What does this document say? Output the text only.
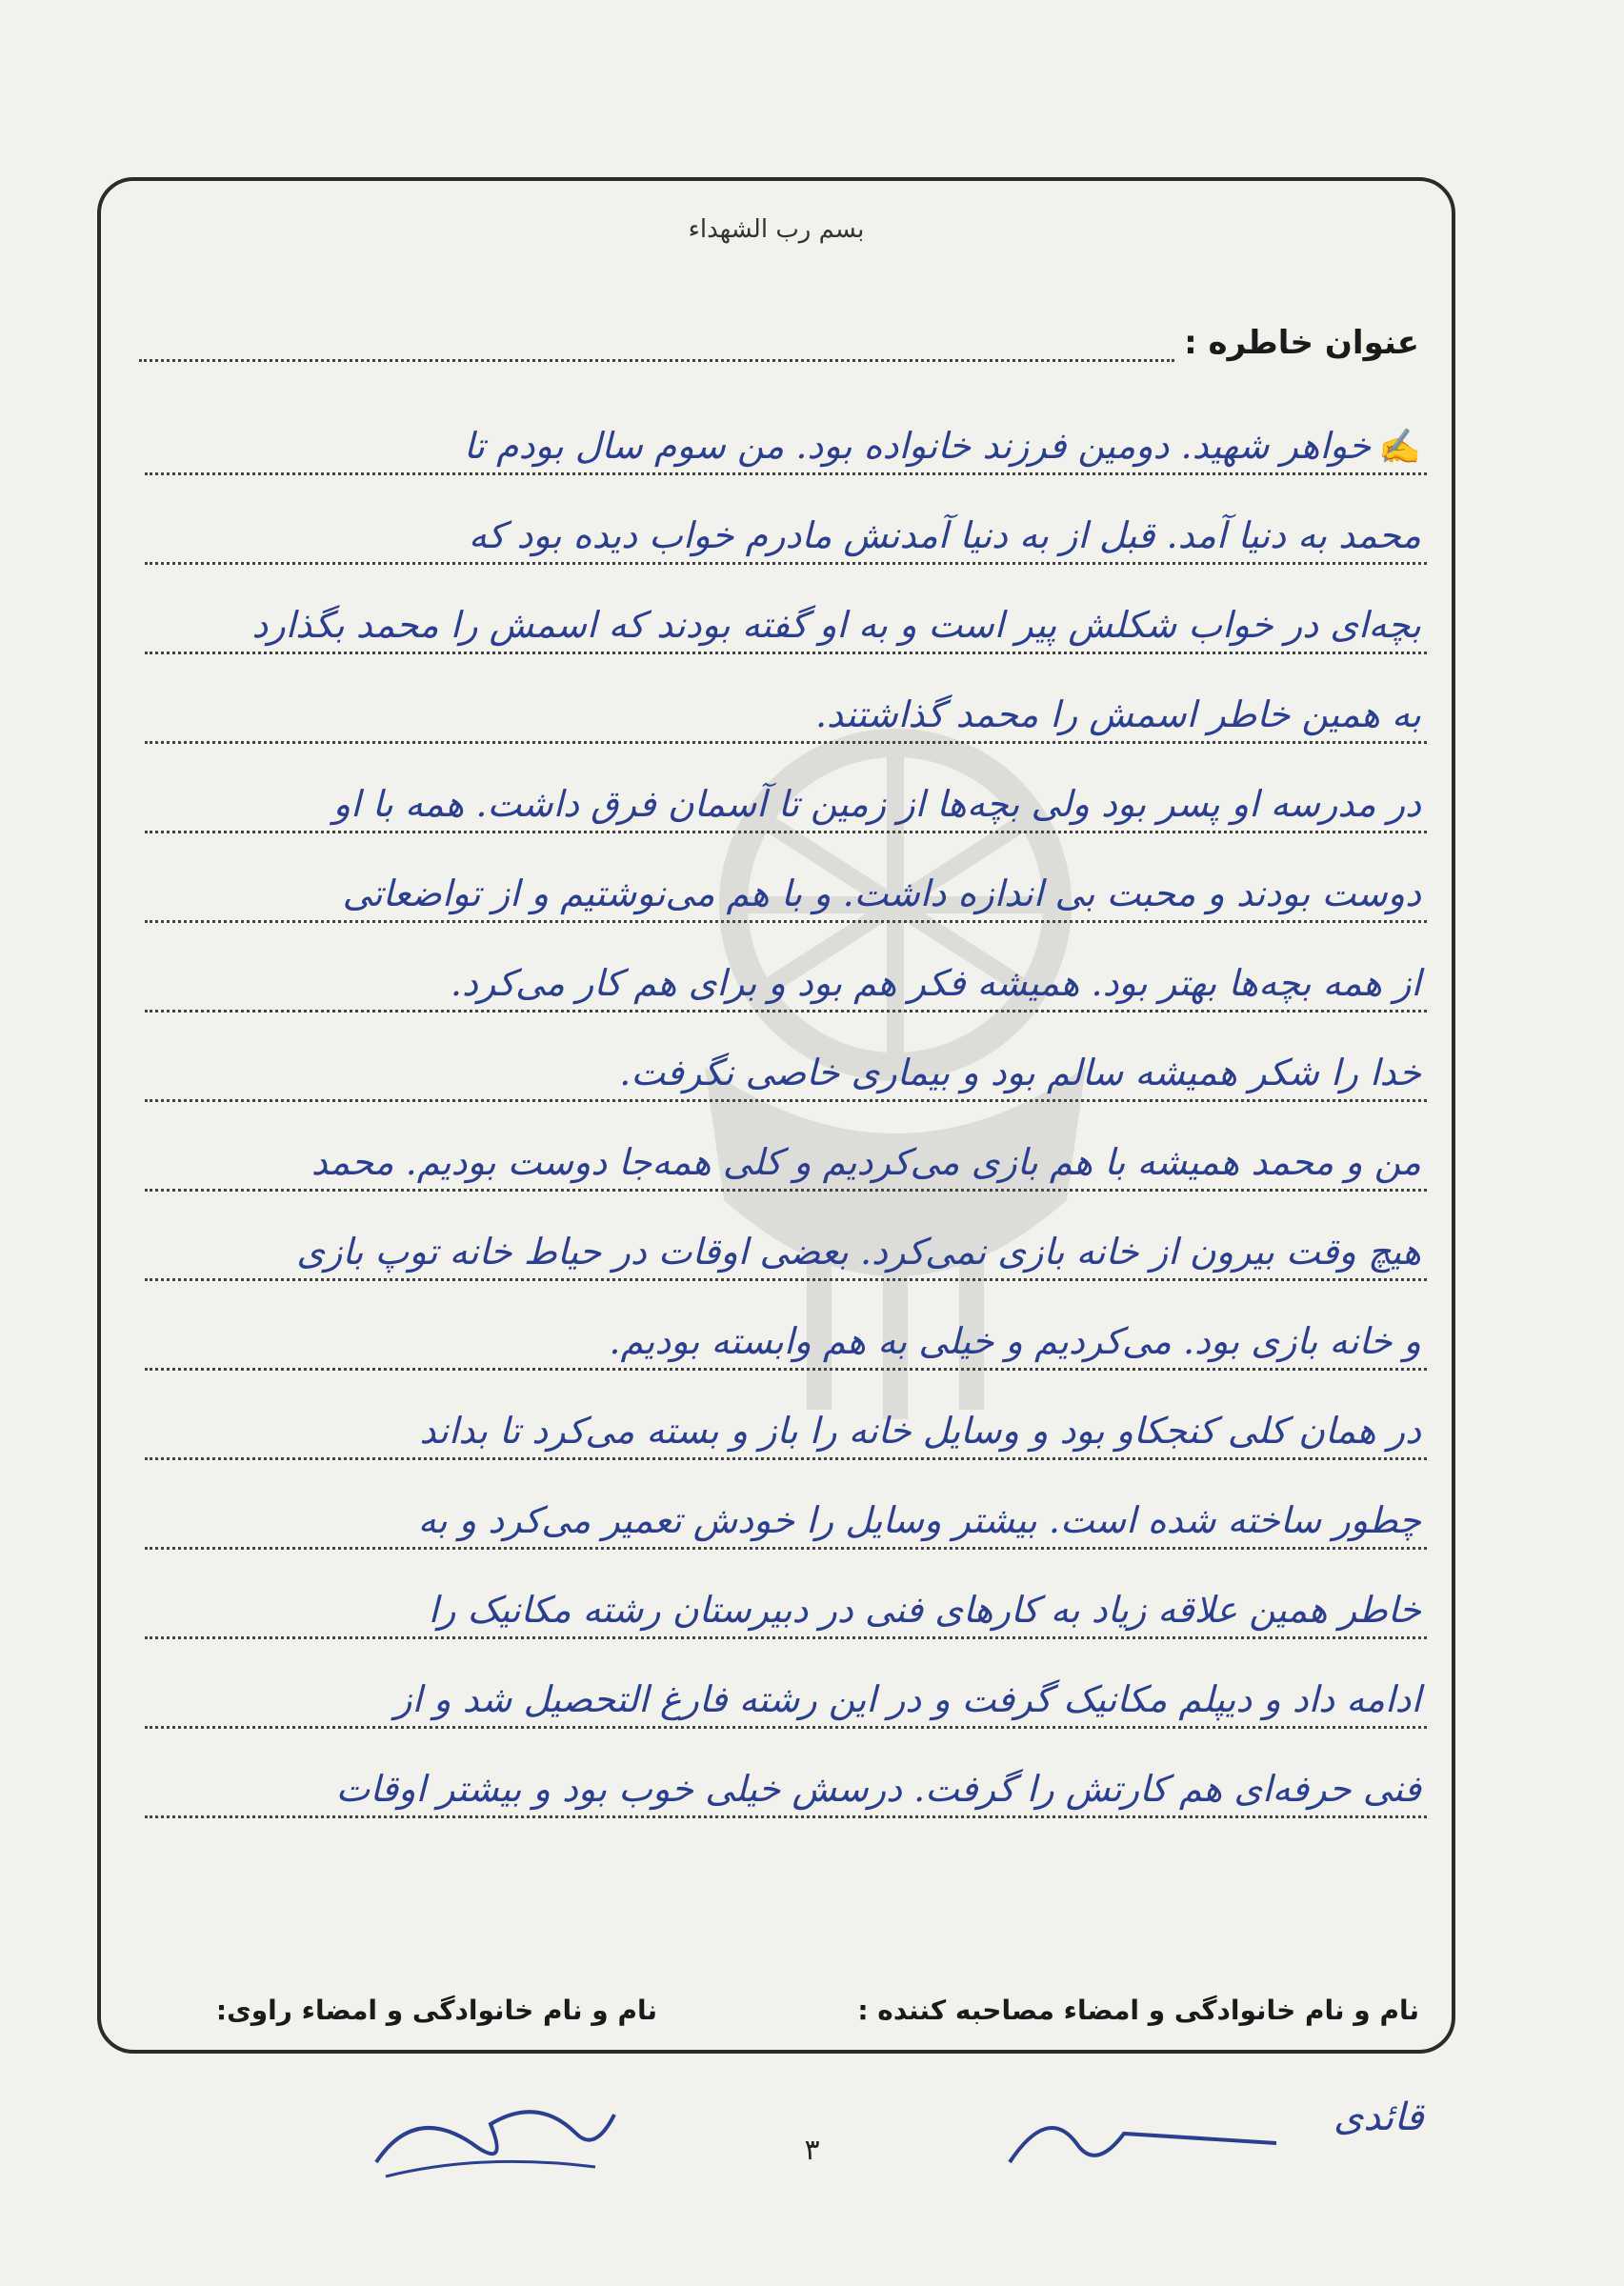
بسم رب الشهداء
عنوان خاطره :
✍خواهر شهید. دومین فرزند خانواده بود. من سوم سال بودم تا
محمد به دنیا آمد. قبل از به دنیا آمدنش مادرم خواب دیده بود که
بچه‌ای در خواب شکلش پیر است و به او گفته بودند که اسمش را محمد بگذارد
به همین خاطر اسمش را محمد گذاشتند.
در مدرسه او پسر بود ولی بچه‌ها از زمین تا آسمان فرق داشت. همه با او
دوست بودند و محبت بی اندازه داشت. و با هم می‌نوشتیم و از تواضعاتی
از همه بچه‌ها بهتر بود. همیشه فکر هم بود و برای هم کار می‌کرد.
خدا را شکر همیشه سالم بود و بیماری خاصی نگرفت.
من و محمد همیشه با هم بازی می‌کردیم و کلی همه‌جا دوست بودیم. محمد
هیچ وقت بیرون از خانه بازی نمی‌کرد. بعضی اوقات در حیاط خانه توپ بازی
و خانه بازی بود. می‌کردیم و خیلی به هم وابسته بودیم.
در همان کلی کنجکاو بود و وسایل خانه را باز و بسته می‌کرد تا بداند
چطور ساخته شده است. بیشتر وسایل را خودش تعمیر می‌کرد و به
خاطر همین علاقه زیاد به کارهای فنی در دبیرستان رشته مکانیک را
ادامه داد و دیپلم مکانیک گرفت و در این رشته فارغ التحصیل شد و از
فنی حرفه‌ای هم کارتش را گرفت. درسش خیلی خوب بود و بیشتر اوقات
نام و نام خانوادگی و امضاء مصاحبه کننده :
نام و نام خانوادگی و امضاء راوی:
قائدی
٣
